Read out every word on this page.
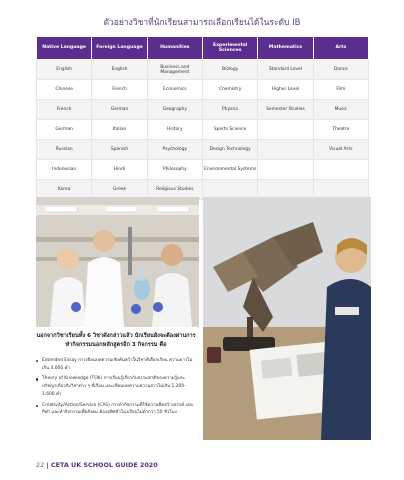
ตัวอย่างวิชาที่นักเรียนสามารถเลือกเรียนได้ในระดับ IB
Native Language	Foreign Language	Humanities	Experimental Sciences	Mathematics	Arts
English	English	Business and Management	Biology	Standard Level	Dance
Chinese	French	Economics	Chemistry	Higher Level	Film
French	German	Geography	Physics	Semester Studies	Music
German	Italian	History	Sports Science		Theatre
Russian	Spanish	Psychology	Design Technology		Visual Arts
Indonesian	Hindi	Philosophy	Environmental Systems		
Korea	Greek	Religious Studies			
นอกจากวิชาเรียนทั้ง 6 วิชาดังกล่าวแล้ว นักเรียนยังจะต้องผ่านการทำกิจกรรมนอกหลักสูตรอีก 3 กิจกรรม คือ
Extended Essay การเขียนบทความเชิงค้นคว้าในวิชาที่เลือกเรียน ความยาวไม่เกิน 4,000 คำ
Theory of Knowledge (TOK) การเรียนรู้เกี่ยวกับธรรมชาติของความรู้และปรัชญาเกี่ยวกับวิชาต่าง ๆ ที่เรียน และเขียนบทความความยาวไม่เกิน 1,200-1,600 คำ
Creativity/Action/Service (CAS) การทำกิจกรรมที่ใช้ความคิดสร้างสรรค์ เล่นกีฬา และทำกิจกรรมเพื่อสังคม ต้องอุทิศชั่วโมงเรียนไม่ต่ำกว่า 50 ชั่วโมง
22 | CETA UK SCHOOL GUIDE 2020
